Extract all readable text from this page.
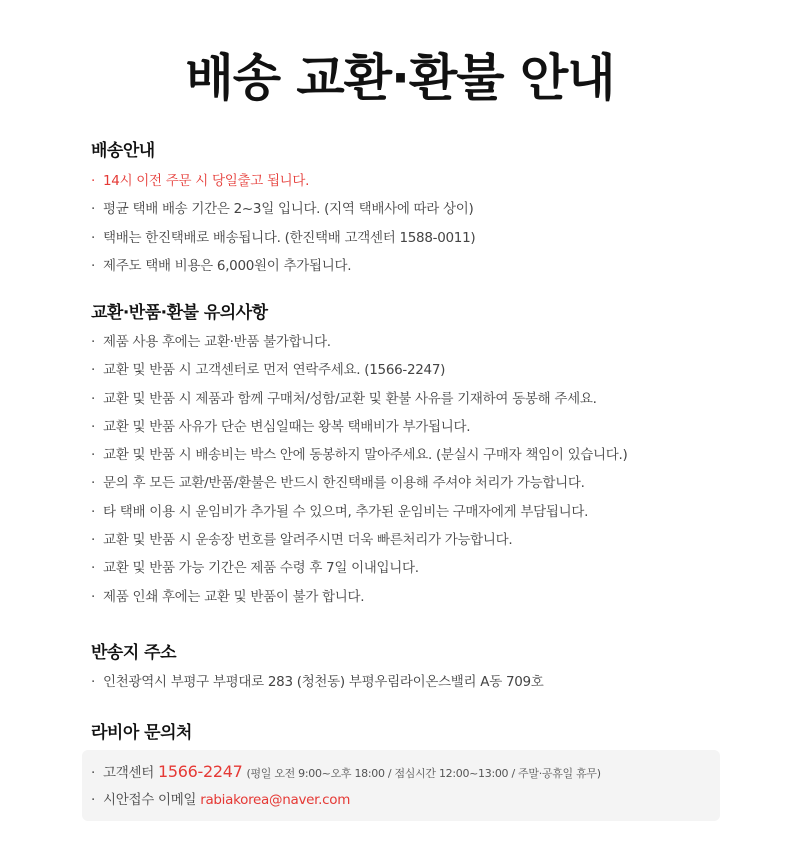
배송 교환·환불 안내
배송안내
· 14시 이전 주문 시 당일출고 됩니다.
· 평균 택배 배송 기간은 2~3일 입니다. (지역 택배사에 따라 상이)
· 택배는 한진택배로 배송됩니다. (한진택배 고객센터 1588-0011)
· 제주도 택배 비용은 6,000원이 추가됩니다.
교환·반품·환불 유의사항
· 제품 사용 후에는 교환·반품 불가합니다.
· 교환 및 반품 시 고객센터로 먼저 연락주세요. (1566-2247)
· 교환 및 반품 시 제품과 함께 구매처/성함/교환 및 환불 사유를 기재하여 동봉해 주세요.
· 교환 및 반품 사유가 단순 변심일때는 왕복 택배비가 부가됩니다.
· 교환 및 반품 시 배송비는 박스 안에 동봉하지 말아주세요. (분실시 구매자 책임이 있습니다.)
· 문의 후 모든 교환/반품/환불은 반드시 한진택배를 이용해 주셔야 처리가 가능합니다.
· 타 택배 이용 시 운임비가 추가될 수 있으며, 추가된 운임비는 구매자에게 부담됩니다.
· 교환 및 반품 시 운송장 번호를 알려주시면 더욱 빠른처리가 가능합니다.
· 교환 및 반품 가능 기간은 제품 수령 후 7일 이내입니다.
· 제품 인쇄 후에는 교환 및 반품이 불가 합니다.
반송지 주소
· 인천광역시 부평구 부평대로 283 (청천동) 부평우림라이온스밸리 A동 709호
라비아 문의처
· 고객센터 1566-2247 (평일 오전 9:00~오후 18:00 / 점심시간 12:00~13:00 / 주말·공휴일 휴무)
· 시안접수 이메일 rabiakorea@naver.com
